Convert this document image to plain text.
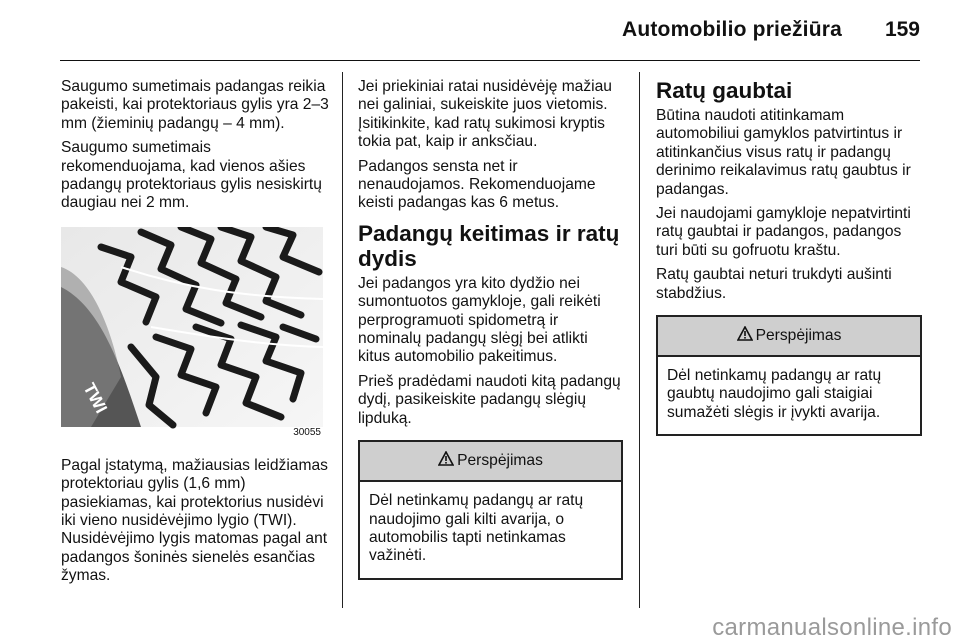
Automobilio priežiūra 159

Saugumo sumetimais padangas reikia pakeisti, kai protektoriaus gylis yra 2–3 mm (žieminių padangų – 4 mm).

Saugumo sumetimais rekomenduojama, kad vienos ašies padangų protektoriaus gylis nesiskirtų daugiau nei 2 mm.

TWI
30055

Pagal įstatymą, mažiausias leidžiamas protektoriau gylis (1,6 mm) pasiekiamas, kai protektorius nusidėvi iki vieno nusidėvėjimo lygio (TWI). Nusidėvėjimo lygis matomas pagal ant padangos šoninės sienelės esančias žymas.

Jei priekiniai ratai nusidėvėję mažiau nei galiniai, sukeiskite juos vietomis. Įsitikinkite, kad ratų sukimosi kryptis tokia pat, kaip ir anksčiau.

Padangos sensta net ir nenaudojamos. Rekomenduojame keisti padangas kas 6 metus.

Padangų keitimas ir ratų dydis

Jei padangos yra kito dydžio nei sumontuotos gamykloje, gali reikėti perprogramuoti spidometrą ir nominalų padangų slėgį bei atlikti kitus automobilio pakeitimus.

Prieš pradėdami naudoti kitą padangų dydį, pasikeiskite padangų slėgių lipduką.

Perspėjimas
Dėl netinkamų padangų ar ratų naudojimo gali kilti avarija, o automobilis tapti netinkamas važinėti.
Ratų gaubtai

Būtina naudoti atitinkamam automobiliui gamyklos patvirtintus ir atitinkančius visus ratų ir padangų derinimo reikalavimus ratų gaubtus ir padangas.

Jei naudojami gamykloje nepatvirtinti ratų gaubtai ir padangos, padangos turi būti su gofruotu kraštu.

Ratų gaubtai neturi trukdyti aušinti stabdžius.

Perspėjimas
Dėl netinkamų padangų ar ratų gaubtų naudojimo gali staigiai sumažėti slėgis ir įvykti avarija.
carmanualsonline.info
